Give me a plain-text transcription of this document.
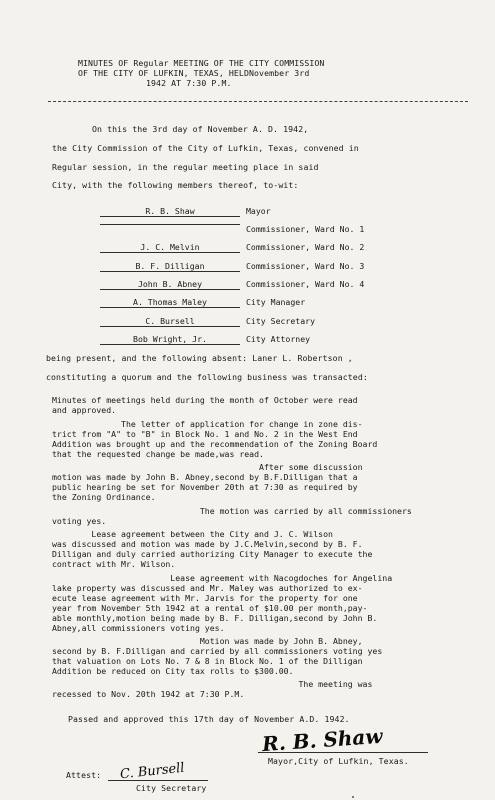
MINUTES OF Regular MEETING OF THE CITY COMMISSION
OF THE CITY OF LUFKIN, TEXAS, HELDNovember 3rd
1942 AT 7:30 P.M.
On this the 3rd day of November A. D. 1942,
the City Commission of the City of Lufkin, Texas, convened in
Regular session, in the regular meeting place in said
City, with the following members thereof, to-wit:
R. B. Shaw	Mayor
Commissioner, Ward No. 1
J. C. Melvin	Commissioner, Ward No. 2
B. F. Dilligan	Commissioner, Ward No. 3
John B. Abney	Commissioner, Ward No. 4
A. Thomas Maley	City Manager
C. Bursell	City Secretary
Bob Wright, Jr.	City Attorney
being present, and the following absent: Laner L. Robertson ,
constituting a quorum and the following business was transacted:
Minutes of meetings held during the month of October were read
and approved.
The letter of application for change in zone dis-
trict from "A" to "B" in Block No. 1 and No. 2 in the West End
Addition was brought up and the recommendation of the Zoning Board
that the requested change be made,was read.
After some discussion
motion was made by John B. Abney,second by B.F.Dilligan that a
public hearing be set for November 20th at 7:30 as required by
the Zoning Ordinance.
The motion was carried by all commissioners
voting yes.
Lease agreement between the City and J. C. Wilson
was discussed and motion was made by J.C.Melvin,second by B. F.
Dilligan and duly carried authorizing City Manager to execute the
contract with Mr. Wilson.
Lease agreement with Nacogdoches for Angelina
lake property was discussed and Mr. Maley was authorized to ex-
ecute lease agreement with Mr. Jarvis for the property for one
year from November 5th 1942 at a rental of $10.00 per month,pay-
able monthly,motion being made by B. F. Dilligan,second by John B.
Abney,all commissioners voting yes.
Motion was made by John B. Abney,
second by B. F.Dilligan and carried by all commissioners voting yes
that valuation on Lots No. 7 & 8 in Block No. 1 of the Dilligan
Addition be reduced on City tax rolls to $300.00.
The meeting was
recessed to Nov. 20th 1942 at 7:30 P.M.
Passed and approved this 17th day of November A.D. 1942.
R. B. Shaw
Mayor,City of Lufkin, Texas.
Attest: C. Bursell
City Secretary
